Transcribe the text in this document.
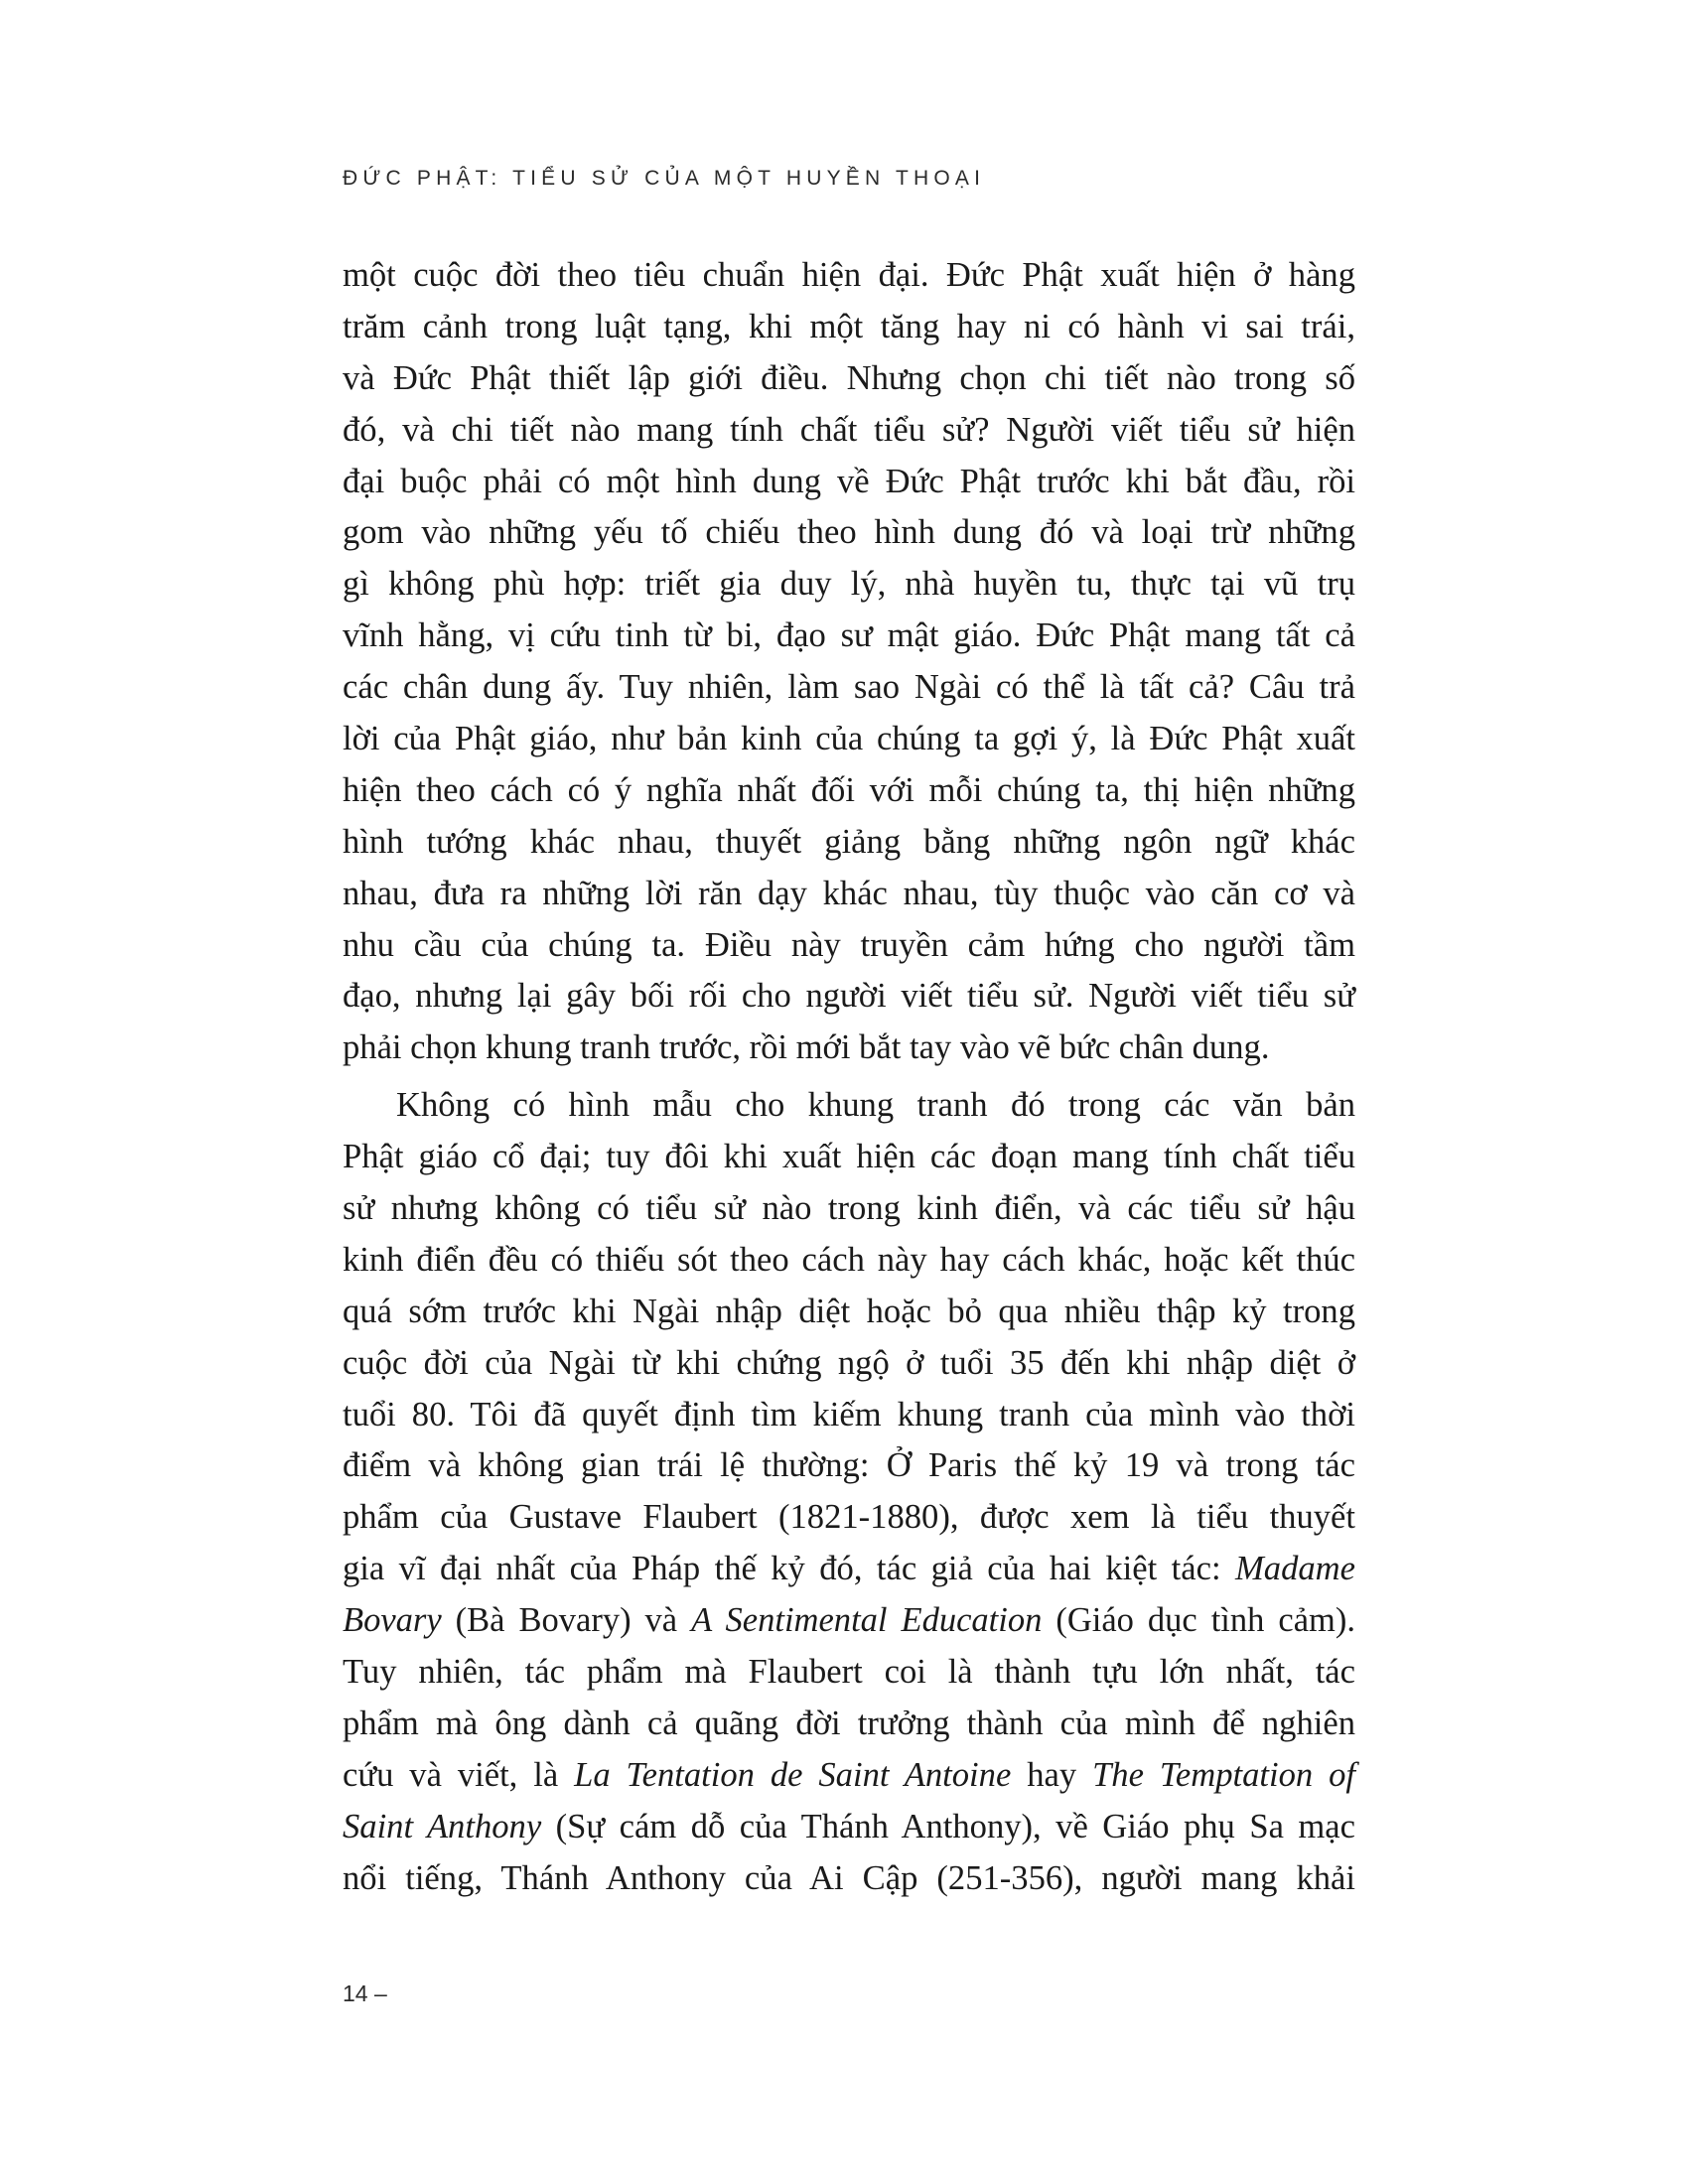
ĐỨC PHẬT: TIỂU SỬ CỦA MỘT HUYỀN THOẠI
một cuộc đời theo tiêu chuẩn hiện đại. Đức Phật xuất hiện ở hàng
trăm cảnh trong luật tạng, khi một tăng hay ni có hành vi sai trái,
và Đức Phật thiết lập giới điều. Nhưng chọn chi tiết nào trong số
đó, và chi tiết nào mang tính chất tiểu sử? Người viết tiểu sử hiện
đại buộc phải có một hình dung về Đức Phật trước khi bắt đầu, rồi
gom vào những yếu tố chiếu theo hình dung đó và loại trừ những
gì không phù hợp: triết gia duy lý, nhà huyền tu, thực tại vũ trụ
vĩnh hằng, vị cứu tinh từ bi, đạo sư mật giáo. Đức Phật mang tất cả
các chân dung ấy. Tuy nhiên, làm sao Ngài có thể là tất cả? Câu trả
lời của Phật giáo, như bản kinh của chúng ta gợi ý, là Đức Phật xuất
hiện theo cách có ý nghĩa nhất đối với mỗi chúng ta, thị hiện những
hình tướng khác nhau, thuyết giảng bằng những ngôn ngữ khác
nhau, đưa ra những lời răn dạy khác nhau, tùy thuộc vào căn cơ và
nhu cầu của chúng ta. Điều này truyền cảm hứng cho người tầm
đạo, nhưng lại gây bối rối cho người viết tiểu sử. Người viết tiểu sử
phải chọn khung tranh trước, rồi mới bắt tay vào vẽ bức chân dung.
Không có hình mẫu cho khung tranh đó trong các văn bản
Phật giáo cổ đại; tuy đôi khi xuất hiện các đoạn mang tính chất tiểu
sử nhưng không có tiểu sử nào trong kinh điển, và các tiểu sử hậu
kinh điển đều có thiếu sót theo cách này hay cách khác, hoặc kết thúc
quá sớm trước khi Ngài nhập diệt hoặc bỏ qua nhiều thập kỷ trong
cuộc đời của Ngài từ khi chứng ngộ ở tuổi 35 đến khi nhập diệt ở
tuổi 80. Tôi đã quyết định tìm kiếm khung tranh của mình vào thời
điểm và không gian trái lệ thường: Ở Paris thế kỷ 19 và trong tác
phẩm của Gustave Flaubert (1821-1880), được xem là tiểu thuyết
gia vĩ đại nhất của Pháp thế kỷ đó, tác giả của hai kiệt tác: Madame
Bovary (Bà Bovary) và A Sentimental Education (Giáo dục tình cảm).
Tuy nhiên, tác phẩm mà Flaubert coi là thành tựu lớn nhất, tác
phẩm mà ông dành cả quãng đời trưởng thành của mình để nghiên
cứu và viết, là La Tentation de Saint Antoine hay The Temptation of
Saint Anthony (Sự cám dỗ của Thánh Anthony), về Giáo phụ Sa mạc
nổi tiếng, Thánh Anthony của Ai Cập (251-356), người mang khải
14 –
